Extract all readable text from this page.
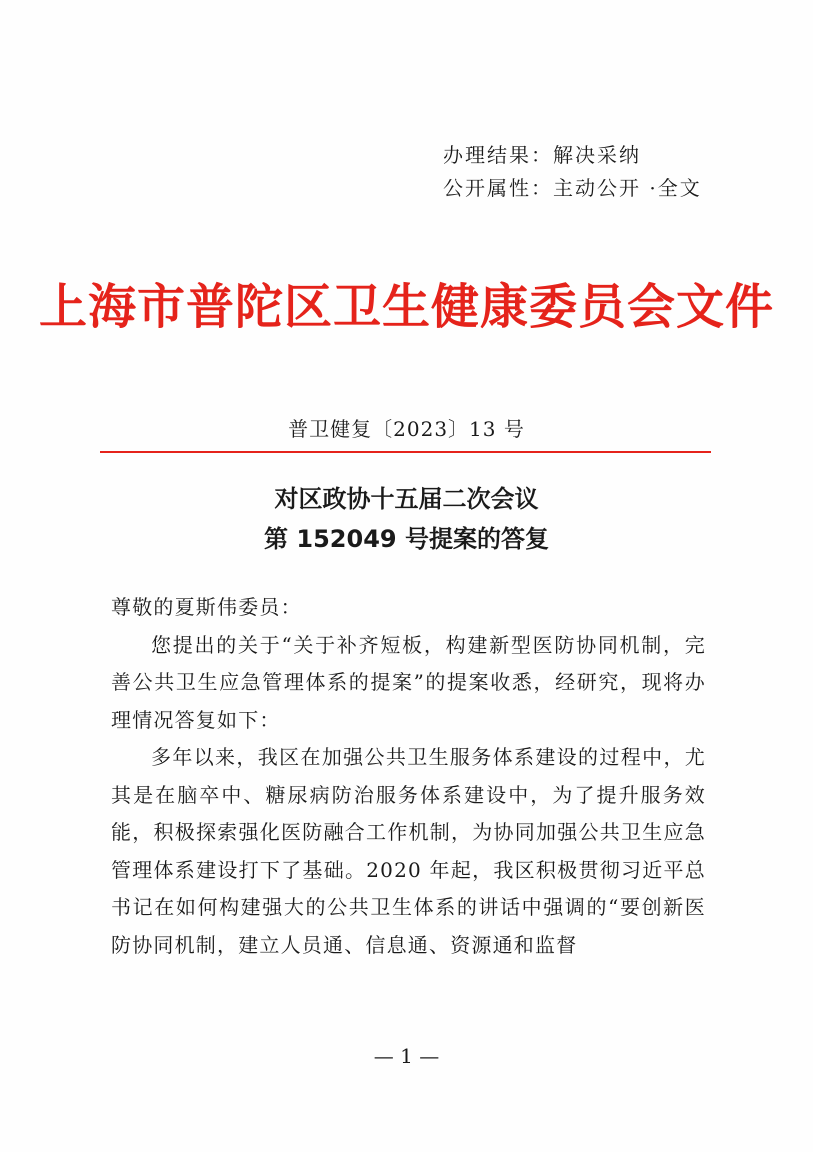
办理结果：解决采纳
公开属性：主动公开 ·全文
上海市普陀区卫生健康委员会文件
普卫健复〔2023〕13 号
对区政协十五届二次会议
第 152049 号提案的答复

尊敬的夏斯伟委员：

您提出的关于“关于补齐短板，构建新型医防协同机制，完善公共卫生应急管理体系的提案”的提案收悉，经研究，现将办理情况答复如下：

多年以来，我区在加强公共卫生服务体系建设的过程中，尤其是在脑卒中、糖尿病防治服务体系建设中，为了提升服务效能，积极探索强化医防融合工作机制，为协同加强公共卫生应急管理体系建设打下了基础。2020 年起，我区积极贯彻习近平总书记在如何构建强大的公共卫生体系的讲话中强调的“要创新医防协同机制，建立人员通、信息通、资源通和监督

— 1 —
